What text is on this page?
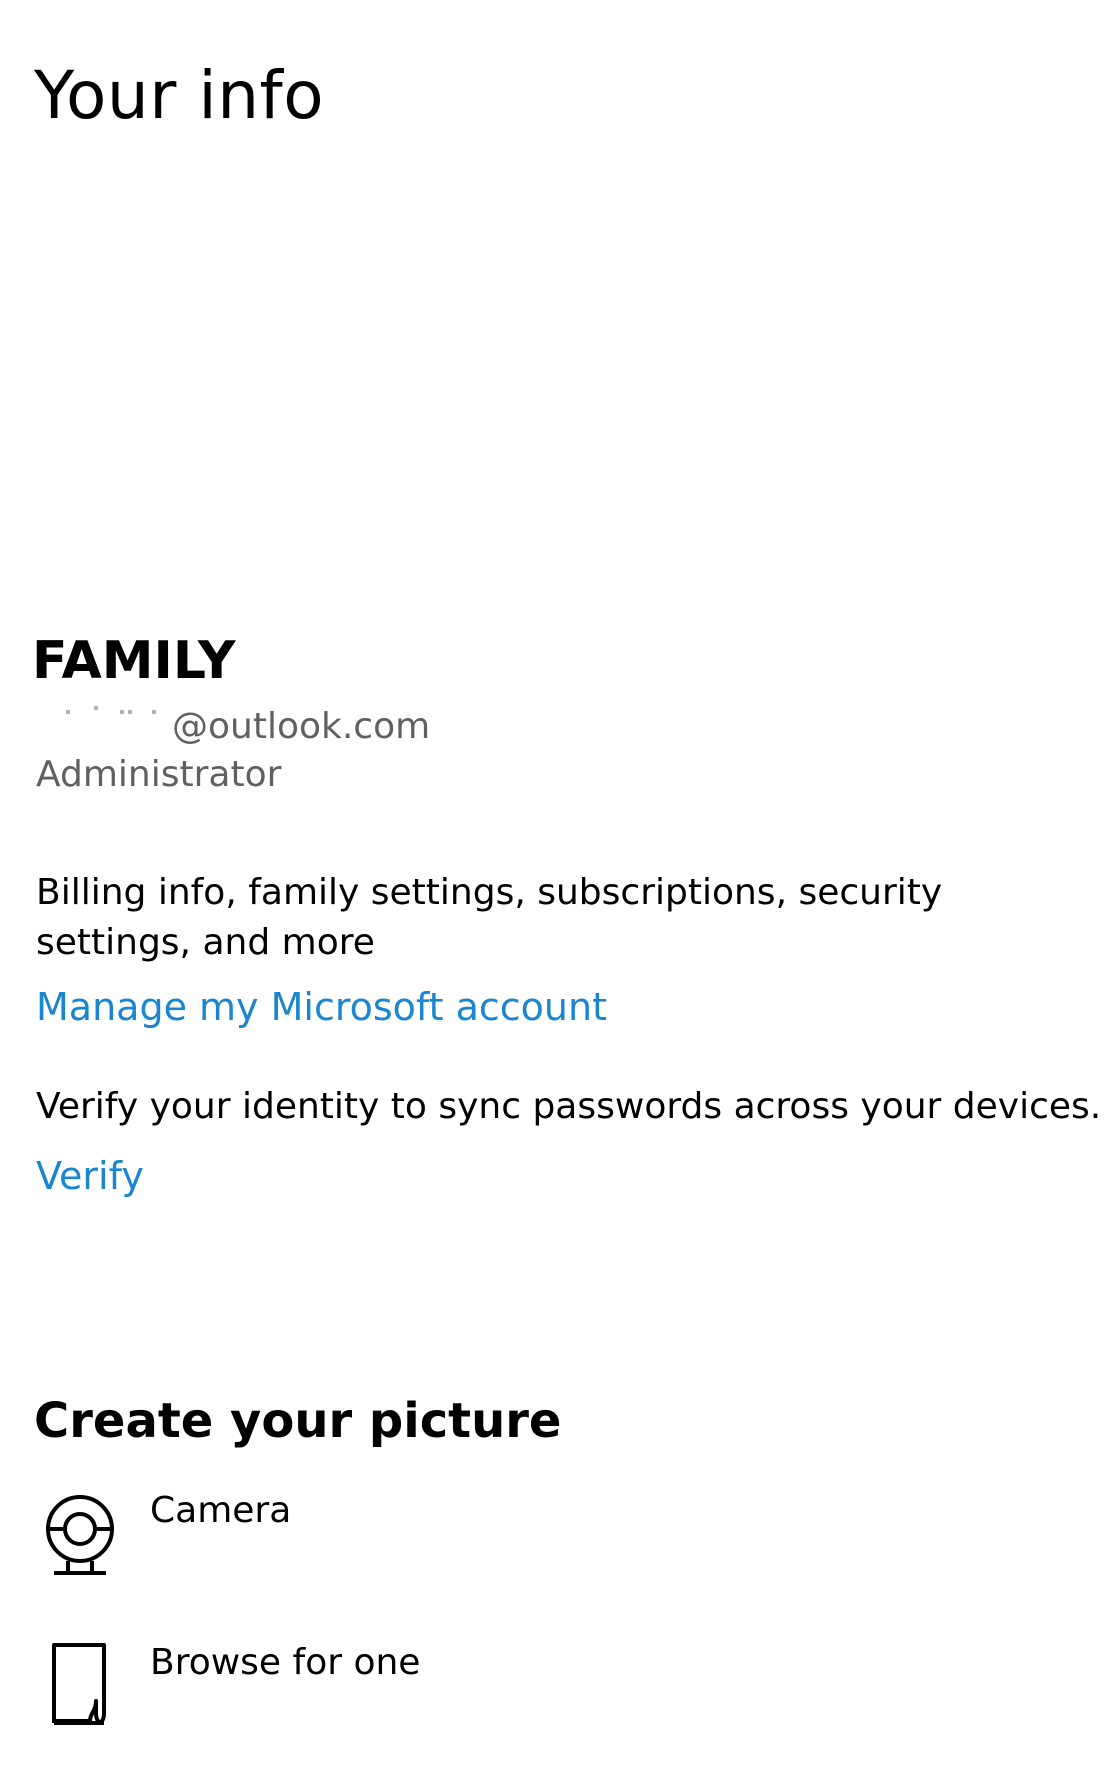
Your info
FAMILY
@outlook.com
Administrator
Billing info, family settings, subscriptions, security settings, and more
Manage my Microsoft account
Verify your identity to sync passwords across your devices.
Verify
Create your picture
Camera
Browse for one
